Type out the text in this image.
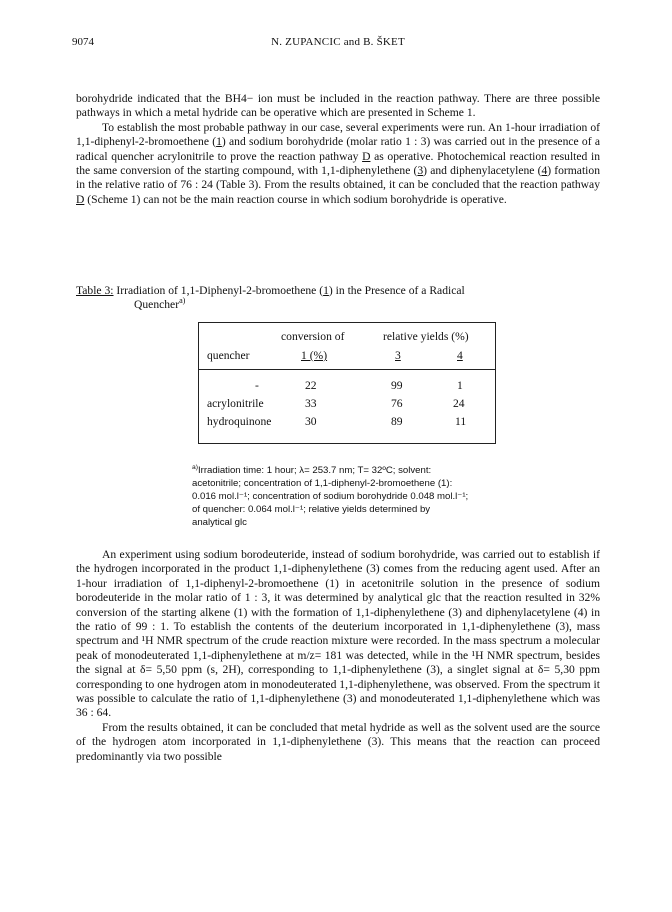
9074	N. ZUPANCIC and B. ŠKET

borohydride indicated that the BH4− ion must be included in the reaction pathway. There are three possible pathways in which a metal hydride can be operative which are presented in Scheme 1.

To establish the most probable pathway in our case, several experiments were run. An 1-hour irradiation of 1,1-diphenyl-2-bromoethene (1) and sodium borohydride (molar ratio 1 : 3) was carried out in the presence of a radical quencher acrylonitrile to prove the reaction pathway D as operative. Photochemical reaction resulted in the same conversion of the starting compound, with 1,1-diphenylethene (3) and diphenylacetylene (4) formation in the relative ratio of 76 : 24 (Table 3). From the results obtained, it can be concluded that the reaction pathway D (Scheme 1) can not be the main reaction course in which sodium borohydride is operative.

Table 3: Irradiation of 1,1-Diphenyl-2-bromoethene (1) in the Presence of a Radical
Quencher$^{a)}$
conversion of	relative yields (%)
quencher	1 (%)	3	4
-	22	99	1
acrylonitrile	33	76	24
hydroquinone	30	89	11
$^{a)}$Irradiation time: 1 hour; λ= 253.7 nm; T= 32ºC; solvent:
acetonitrile; concentration of 1,1-diphenyl-2-bromoethene (1):
0.016 mol.l⁻¹; concentration of sodium borohydride 0.048 mol.l⁻¹;
of quencher: 0.064 mol.l⁻¹; relative yields determined by
analytical glc

An experiment using sodium borodeuteride, instead of sodium borohydride, was carried out to establish if the hydrogen incorporated in the product 1,1-diphenylethene (3) comes from the reducing agent used. After an 1-hour irradiation of 1,1-diphenyl-2-bromoethene (1) in acetonitrile solution in the presence of sodium borodeuteride in the molar ratio of 1 : 3, it was determined by analytical glc that the reaction resulted in 32% conversion of the starting alkene (1) with the formation of 1,1-diphenylethene (3) and diphenylacetylene (4) in the ratio of 99 : 1. To establish the contents of the deuterium incorporated in 1,1-diphenylethene (3), mass spectrum and ¹H NMR spectrum of the crude reaction mixture were recorded. In the mass spectrum a molecular peak of monodeuterated 1,1-diphenylethene at m/z= 181 was detected, while in the ¹H NMR spectrum, besides the signal at δ= 5,50 ppm (s, 2H), corresponding to 1,1-diphenylethene (3), a singlet signal at δ= 5,30 ppm corresponding to one hydrogen atom in monodeuterated 1,1-diphenylethene, was observed. From the spectrum it was possible to calculate the ratio of 1,1-diphenylethene (3) and monodeuterated 1,1-diphenylethene which was 36 : 64.

From the results obtained, it can be concluded that metal hydride as well as the solvent used are the source of the hydrogen atom incorporated in 1,1-diphenylethene (3). This means that the reaction can proceed predominantly via two possible
